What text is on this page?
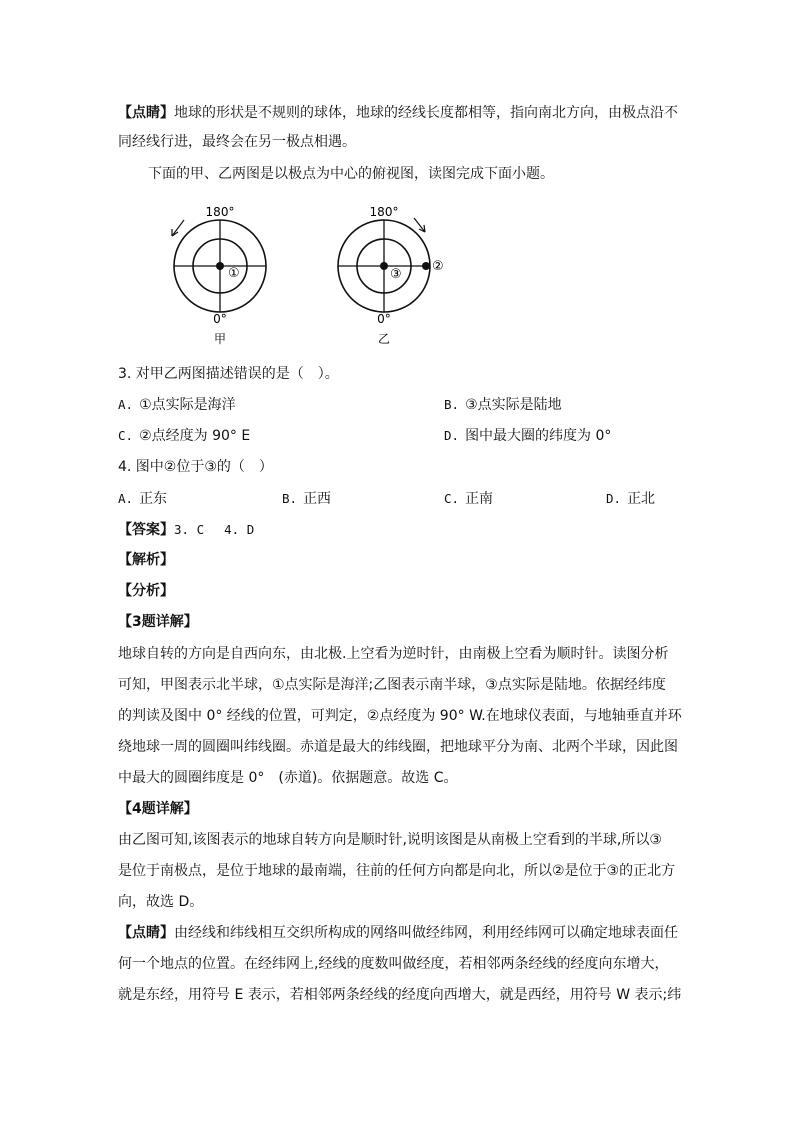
【点睛】地球的形状是不规则的球体，地球的经线长度都相等，指向南北方向，由极点沿不
同经线行进，最终会在另一极点相遇。
下面的甲、乙两图是以极点为中心的俯视图，读图完成下面小题。
180°
①
0°
甲
180°
③
②
0°
乙
3. 对甲乙两图描述错误的是（　）。
A. ①点实际是海洋	B. ③点实际是陆地
C. ②点经度为 90° E	D. 图中最大圈的纬度为 0°
4. 图中②位于③的（　）
A. 正东	B. 正西	C. 正南	D. 正北
【答案】3. C　 4. D
【解析】
【分析】
【3题详解】
地球自转的方向是自西向东，由北极.上空看为逆时针，由南极上空看为顺时针。读图分析
可知，甲图表示北半球，①点实际是海洋;乙图表示南半球，③点实际是陆地。依据经纬度
的判读及图中 0° 经线的位置，可判定，②点经度为 90° W.在地球仪表面，与地轴垂直并环
绕地球一周的圆圈叫纬线圈。赤道是最大的纬线圈，把地球平分为南、北两个半球，因此图
中最大的圆圈纬度是 0°　(赤道)。依据题意。故选 C。
【4题详解】
由乙图可知,该图表示的地球自转方向是顺时针,说明该图是从南极上空看到的半球,所以③
是位于南极点，是位于地球的最南端，往前的任何方向都是向北，所以②是位于③的正北方
向，故选 D。
【点睛】由经线和纬线相互交织所构成的网络叫做经纬网，利用经纬网可以确定地球表面任
何一个地点的位置。在经纬网上,经线的度数叫做经度，若相邻两条经线的经度向东增大，
就是东经，用符号 E 表示，若相邻两条经线的经度向西增大，就是西经，用符号 W 表示;纬
